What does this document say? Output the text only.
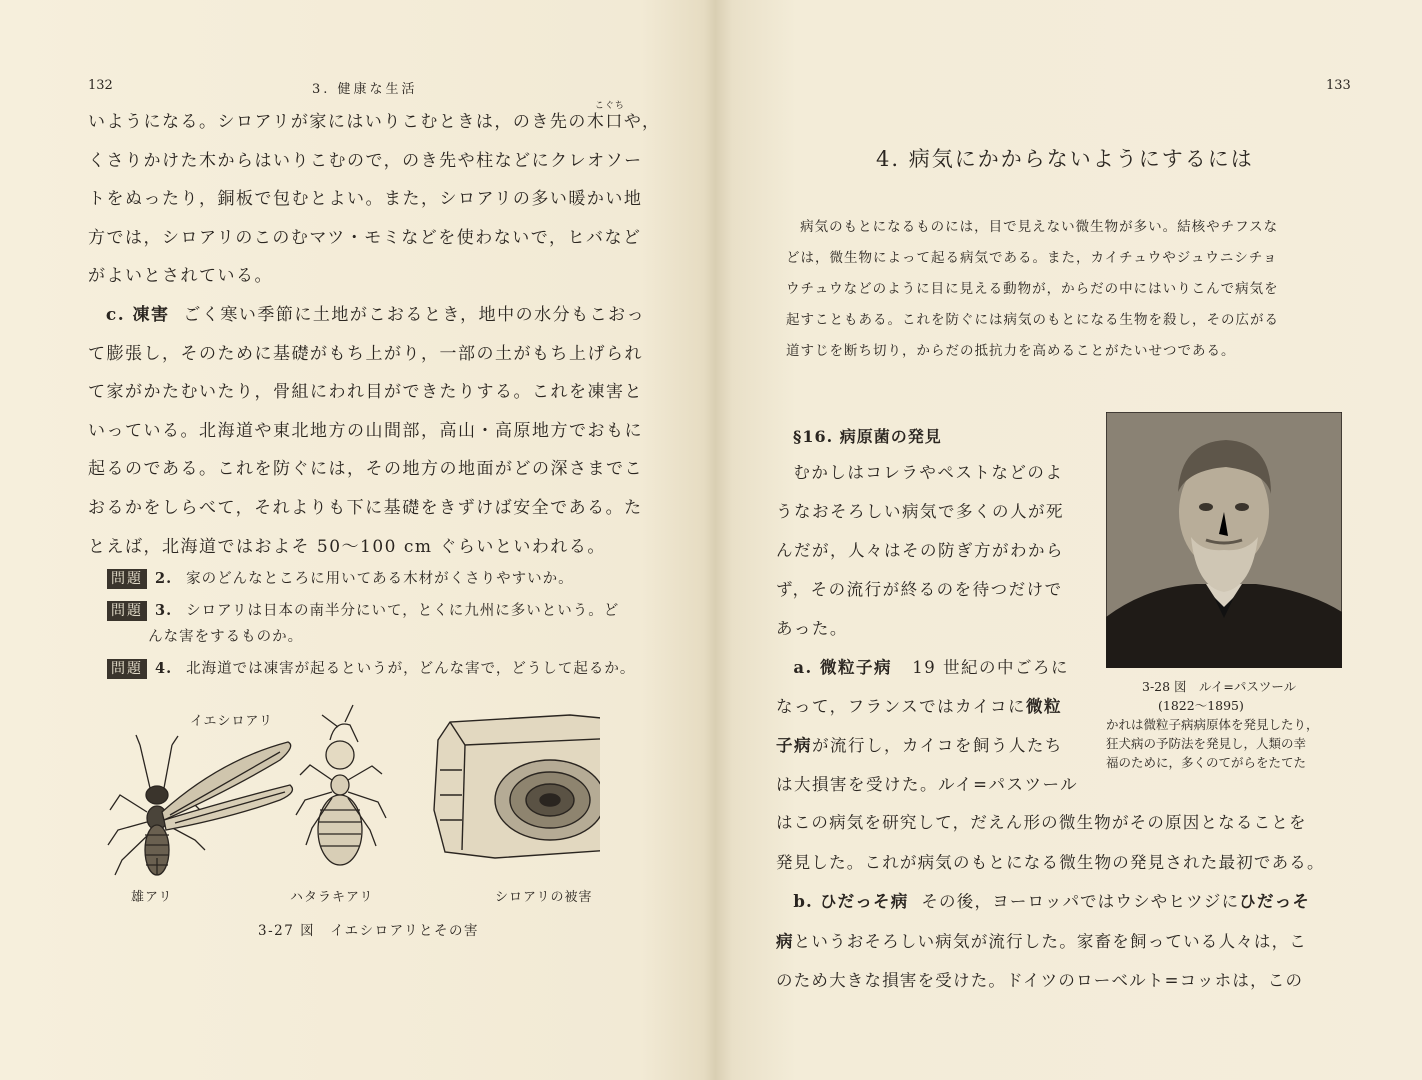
132	3. 健康な生活

いようになる。シロアリが家にはいりこむときは，のき先の
こぐち
木口や，

くさりかけた木からはいりこむので，のき先や柱などにクレオソー

トをぬったり，銅板で包むとよい。また，シロアリの多い暖かい地

方では，シロアリのこのむマツ・モミなどを使わないで，ヒバなど

がよいとされている。

c. 凍害 ごく寒い季節に土地がこおるとき，地中の水分もこおっ

て膨張し，そのために基礎がもち上がり，一部の土がもち上げられ

て家がかたむいたり，骨組にわれ目ができたりする。これを凍害と

いっている。北海道や東北地方の山間部，高山・高原地方でおもに

起るのである。これを防ぐには，その地方の地面がどの深さまでこ

おるかをしらべて，それよりも下に基礎をきずけば安全である。た

とえば，北海道ではおよそ 50〜100 cm ぐらいといわれる。

問題 2. 家のどんなところに用いてある木材がくさりやすいか。
問題 3. シロアリは日本の南半分にいて，とくに九州に多いという。ど
んな害をするものか。
問題 4. 北海道では凍害が起るというが，どんな害で，どうして起るか。
イエシロアリ
雄アリ	ハタラキアリ	シロアリの被害
3-27 図　イエシロアリとその害
133
4. 病気にかからないようにするには

病気のもとになるものには，目で見えない微生物が多い。結核やチフスな

どは，微生物によって起る病気である。また，カイチュウやジュウニシチョ

ウチュウなどのように目に見える動物が，からだの中にはいりこんで病気を

起すこともある。これを防ぐには病気のもとになる生物を殺し，その広がる

道すじを断ち切り，からだの抵抗力を高めることがたいせつである。

§16. 病原菌の発見
3-28 図　ルイ=パスツール
(1822〜1895)
かれは微粒子病病原体を発見したり，
狂犬病の予防法を発見し，人類の幸
福のために，多くのてがらをたてた

むかしはコレラやペストなどのよ

うなおそろしい病気で多くの人が死

んだが，人々はその防ぎ方がわから

ず，その流行が終るのを待つだけで

あった。

a. 微粒子病 19 世紀の中ごろに

なって，フランスではカイコに微粒

子病が流行し，カイコを飼う人たち

は大損害を受けた。ルイ=パスツール

はこの病気を研究して，だえん形の微生物がその原因となることを

発見した。これが病気のもとになる微生物の発見された最初である。

b. ひだっそ病 その後，ヨーロッパではウシやヒツジにひだっそ

病というおそろしい病気が流行した。家畜を飼っている人々は，こ

のため大きな損害を受けた。ドイツのローベルト=コッホは，この
